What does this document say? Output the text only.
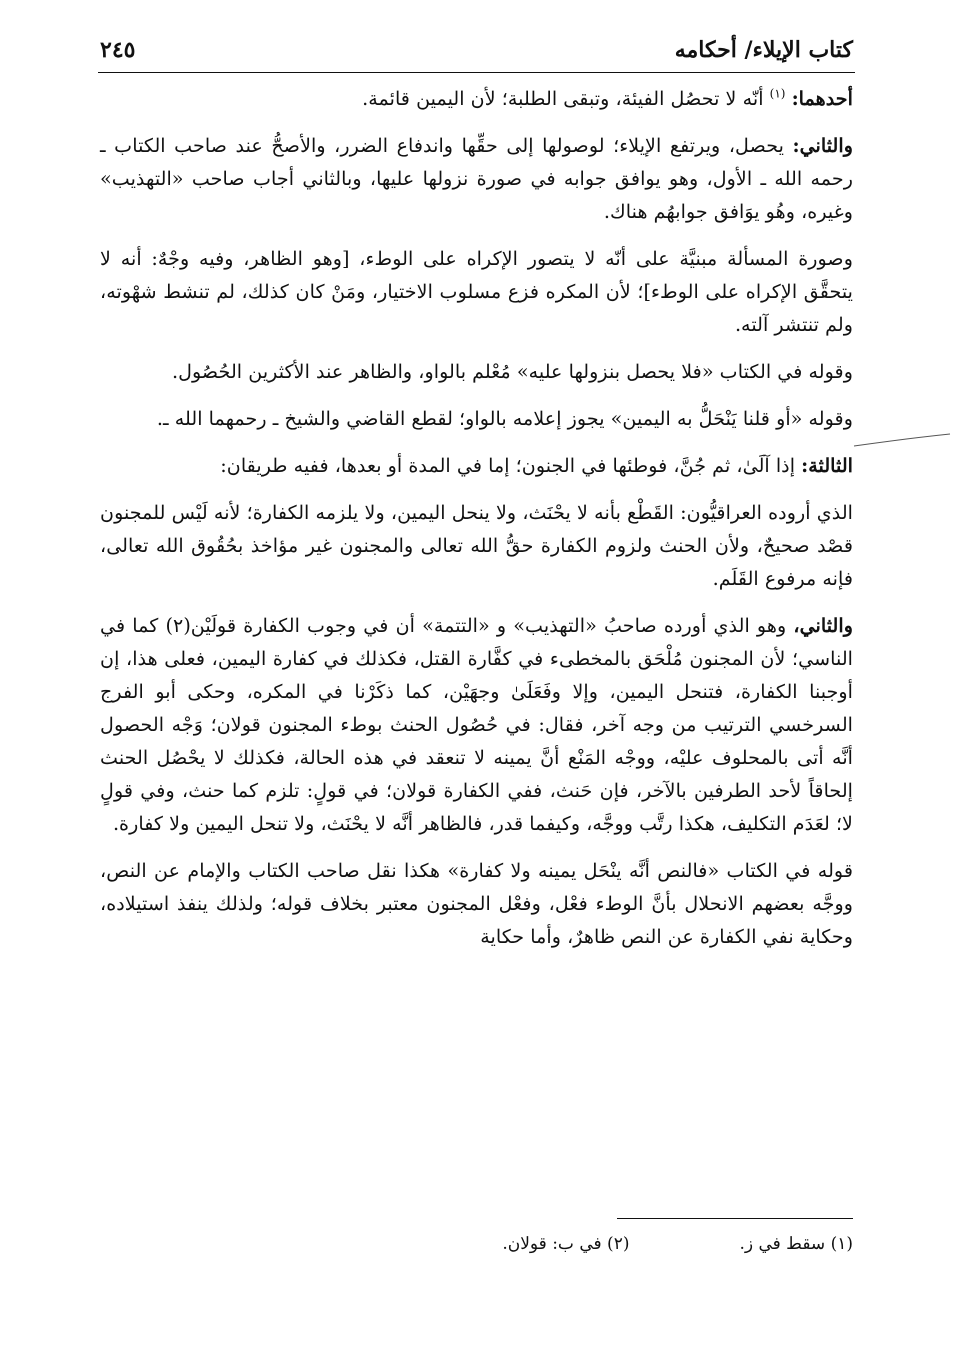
كتاب الإيلاء/ أحكامه
٢٤٥

أحدهما: $^{(١)}$ أنّه لا تحصُل الفيئة، وتبقى الطلبة؛ لأن اليمين قائمة.

والثاني: يحصل، ويرتفع الإيلاء؛ لوصولها إلى حقِّها واندفاع الضرر، والأصحُّ عند صاحب الكتاب ـ رحمه الله ـ الأول، وهو يوافق جوابه في صورة نزولها عليها، وبالثاني أجاب صاحب «التهذيب» وغيره، وهُو يوَافق جوابهُم هناك.

وصورة المسألة مبنيَّة على أنّه لا يتصور الإكراه على الوطء، [وهو الظاهر، وفيه وجْهٌ: أنه لا يتحقَّق الإكراه على الوطء]؛ لأن المكره فزع مسلوب الاختيار، ومَنْ كان كذلك، لم تنشط شهْوته، ولم تنتشر آلته.

وقوله في الكتاب «فلا يحصل بنزولها عليه» مُعْلم بالواو، والظاهر عند الأكثرين الحُصُول.

وقوله «أو قلنا يَنْحَلُّ به اليمين» يجوز إعلامه بالواو؛ لقطع القاضي والشيخ ـ رحمهما الله ـ.

الثالثة: إذا آلَىٰ، ثم جُنَّ، فوطئها في الجنون؛ إما في المدة أو بعدها، ففيه طريقان:

الذي أروده العراقيُّون: القَطْع بأنه لا يحْنَث، ولا ينحل اليمين، ولا يلزمه الكفارة؛ لأنه لَيْس للمجنون قصْد صحيحٌ، ولأن الحنث ولزوم الكفارة حقُّ الله تعالى والمجنون غير مؤاخذ بحُقُوق الله تعالى، فإنه مرفوع القَلَم.

والثاني، وهو الذي أورده صاحبُ «التهذيب» و «التتمة» أن في وجوب الكفارة قولَيْن(٢) كما في الناسي؛ لأن المجنون مُلْحَق بالمخطىء في كفَّارة القتل، فكذلك في كفارة اليمين، فعلى هذا، إن أوجبنا الكفارة، فتنحل اليمين، وإلا وفَعَلَىٰ وجهَيْن، كما ذكَرْنا في المكره، وحكى أبو الفرج السرخسي الترتيب من وجه آخر، فقال: في حُصُول الحنث بوطء المجنون قولان؛ وَجْه الحصول أنَّه أتى بالمحلوف عليْه، ووجْه المَنْع أنَّ يمينه لا تنعقد في هذه الحالة، فكذلك لا يحْصُل الحنث إلحاقاً لأحد الطرفين بالآخر، فإن حَنث، ففي الكفارة قولان؛ في قولٍ: تلزم كما حنث، وفي قولٍ لا؛ لعَدَم التكليف، هكذا رتَّب ووجَّه، وكيفما قدر، فالظاهر أنَّه لا يحْنَث، ولا تنحل اليمين ولا كفارة.

قوله في الكتاب «فالنص أنَّه ينْحَل يمينه ولا كفارة» هكذا نقل صاحب الكتاب والإمام عن النص، ووجَّه بعضهم الانحلال بأنَّ الوطء فعْل، وفعْل المجنون معتبر بخلاف قوله؛ ولذلك ينفذ استيلاده، وحكاية نفي الكفارة عن النص ظاهرٌ، وأما حكاية

(١) سقط في ز.
(٢) في ب: قولان.
